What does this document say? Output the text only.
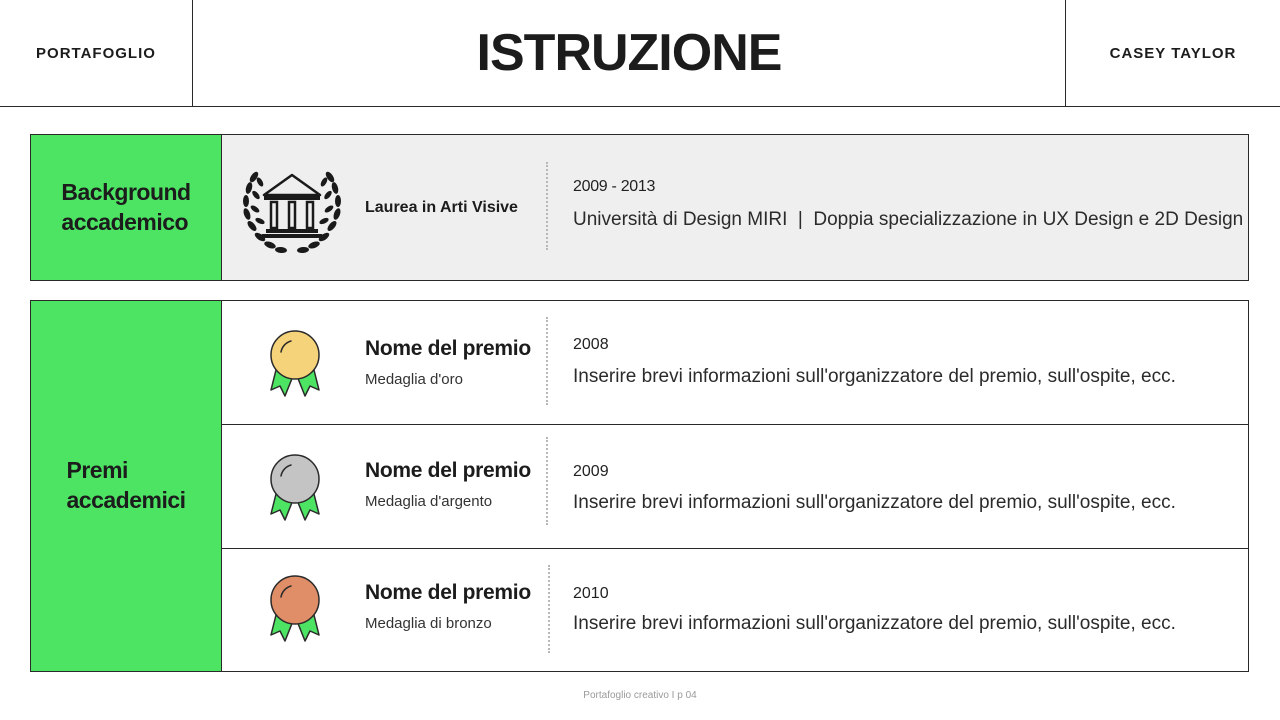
PORTAFOGLIO	ISTRUZIONE	CASEY TAYLOR
Background
accademico
Laurea in Arti Visive
2009 - 2013
Università di Design MIRI  |  Doppia specializzazione in UX Design e 2D Design
Premi
accademici
Nome del premio
Medaglia d'oro
2008
Inserire brevi informazioni sull'organizzatore del premio, sull'ospite, ecc.
Nome del premio
Medaglia d'argento
2009
Inserire brevi informazioni sull'organizzatore del premio, sull'ospite, ecc.
Nome del premio
Medaglia di bronzo
2010
Inserire brevi informazioni sull'organizzatore del premio, sull'ospite, ecc.
Portafoglio creativo I p 04
